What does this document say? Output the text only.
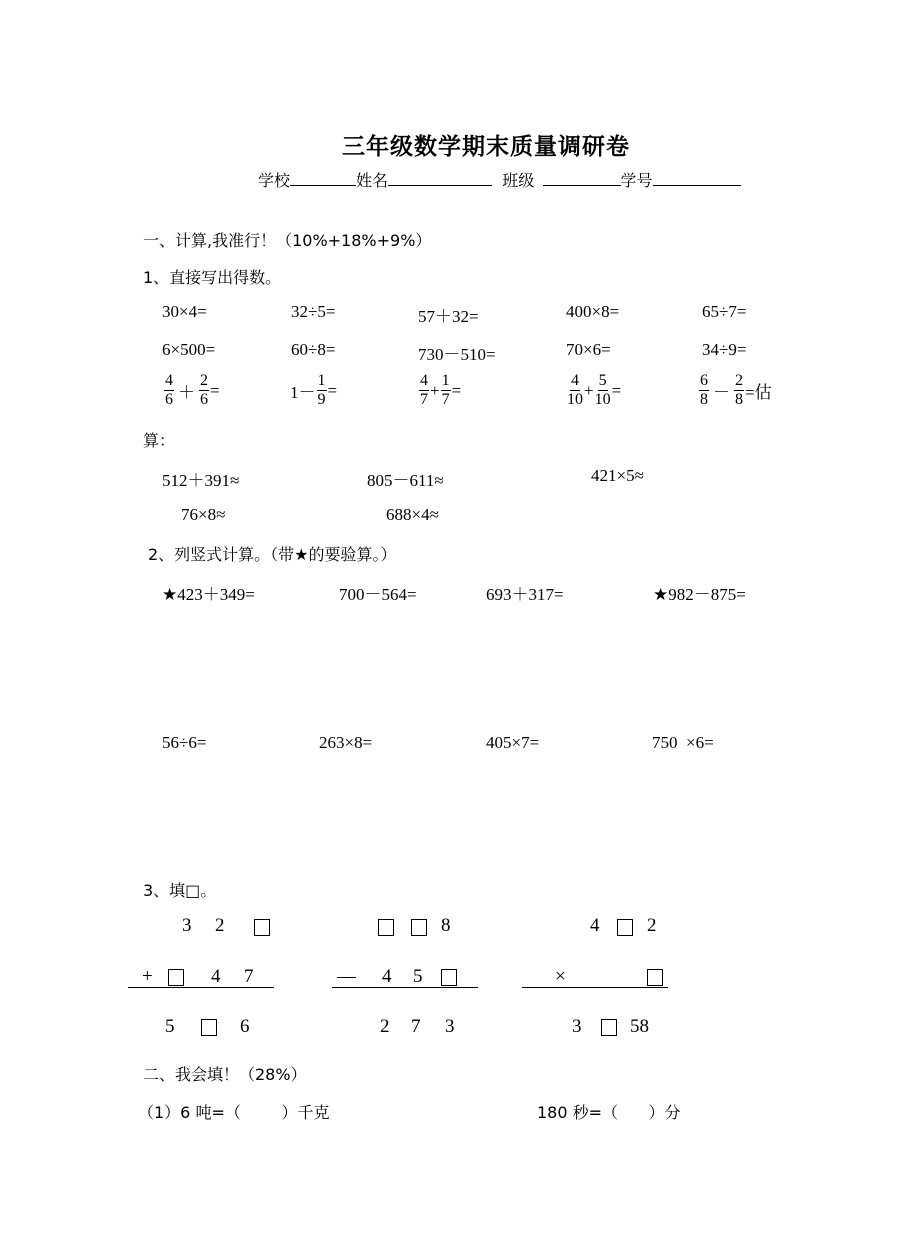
三年级数学期末质量调研卷
学校	姓名	班级	学号
一、计算,我准行！（10%+18%+9%）
1、直接写出得数。
30×4=	32÷5=	57＋32=	400×8=	65÷7=
6×500=	60÷8=	730－510=	70×6=	34÷9=
$\frac{4}{6} + \frac{2}{6}$ =	$1- \frac{1}{9}$ =	$\frac{4}{7} + \frac{1}{7}$ =	$\frac{4}{10} + \frac{5}{10}$ =	$\frac{6}{8} - \frac{2}{8}$ =估
算：
512＋391≈	805－611≈	421×5≈
76×8≈	688×4≈
2、列竖式计算。（带★的要验算。）
★423＋349=	700－564=	693＋317=	★982－875=
56÷6=	263×8=	405×7=	750  ×6=
3、填□。
3 2
+	4 7
5	6
8
— 4 5
2 7 3
4	2
×
3	58
二、我会填！（28%）
（1）6 吨=（        ）千克	180 秒=（      ）分
